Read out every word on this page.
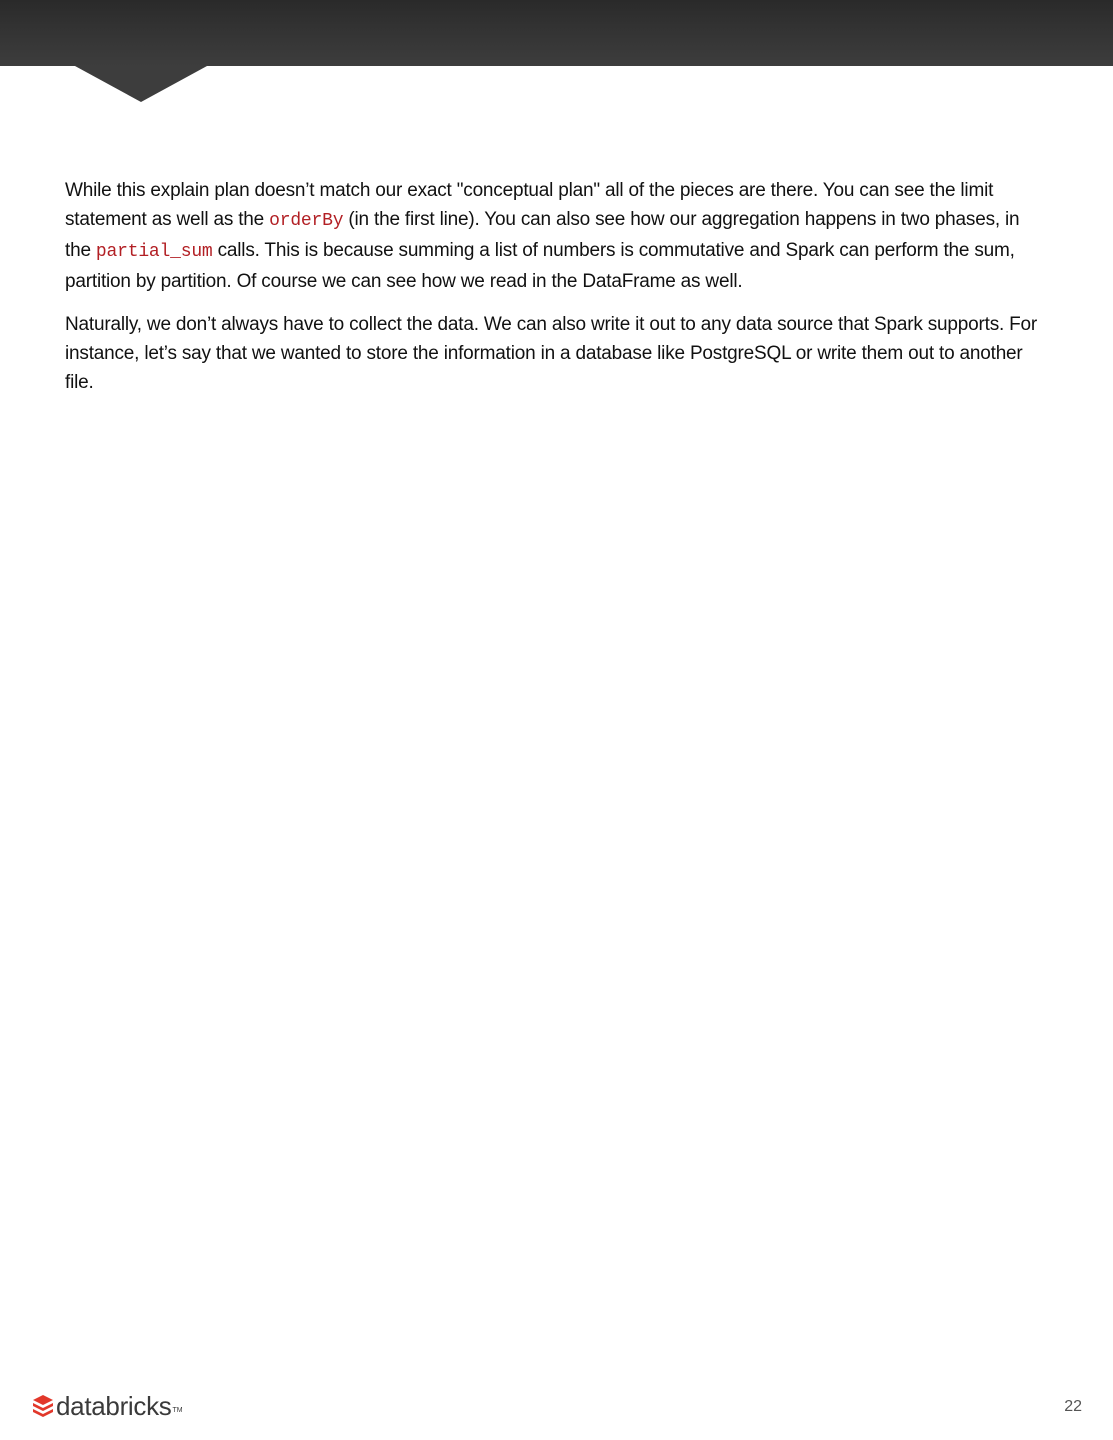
While this explain plan doesn’t match our exact "conceptual plan" all of the pieces are there. You can see the limit statement as well as the orderBy (in the first line). You can also see how our aggregation happens in two phases, in the partial_sum calls. This is because summing a list of numbers is commutative and Spark can perform the sum, partition by partition. Of course we can see how we read in the DataFrame as well.

Naturally, we don’t always have to collect the data. We can also write it out to any data source that Spark supports. For instance, let’s say that we wanted to store the information in a database like PostgreSQL or write them out to another file.

databricks TM	22
